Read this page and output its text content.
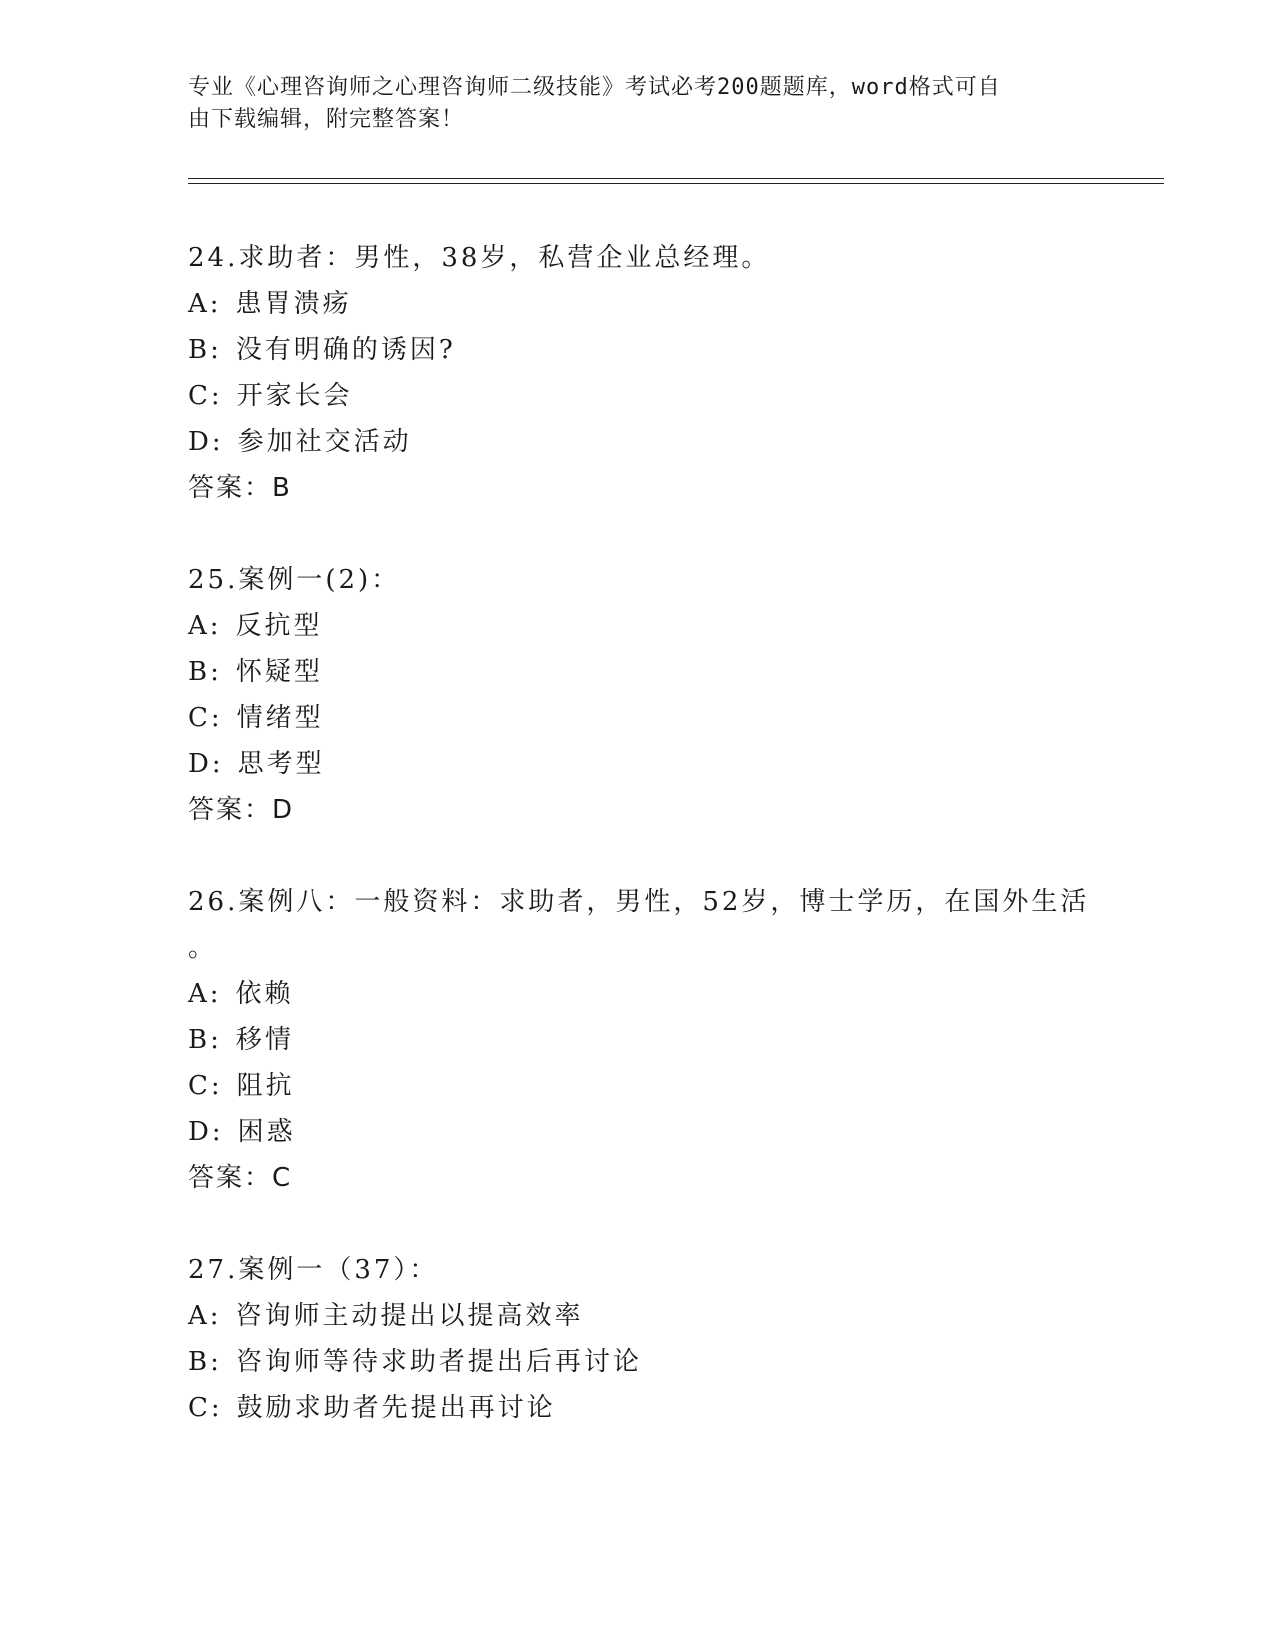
专业《心理咨询师之心理咨询师二级技能》考试必考200题题库，word格式可自
由下载编辑，附完整答案！
24.求助者：男性，38岁，私营企业总经理。
A: 患胃溃疡
B: 没有明确的诱因?
C: 开家长会
D: 参加社交活动
答案：B
25.案例一(2)：
A: 反抗型
B: 怀疑型
C: 情绪型
D: 思考型
答案：D
26.案例八：一般资料：求助者，男性，52岁，博士学历，在国外生活
。
A: 依赖
B: 移情
C: 阻抗
D: 困惑
答案：C
27.案例一（37）：
A: 咨询师主动提出以提高效率
B: 咨询师等待求助者提出后再讨论
C: 鼓励求助者先提出再讨论
